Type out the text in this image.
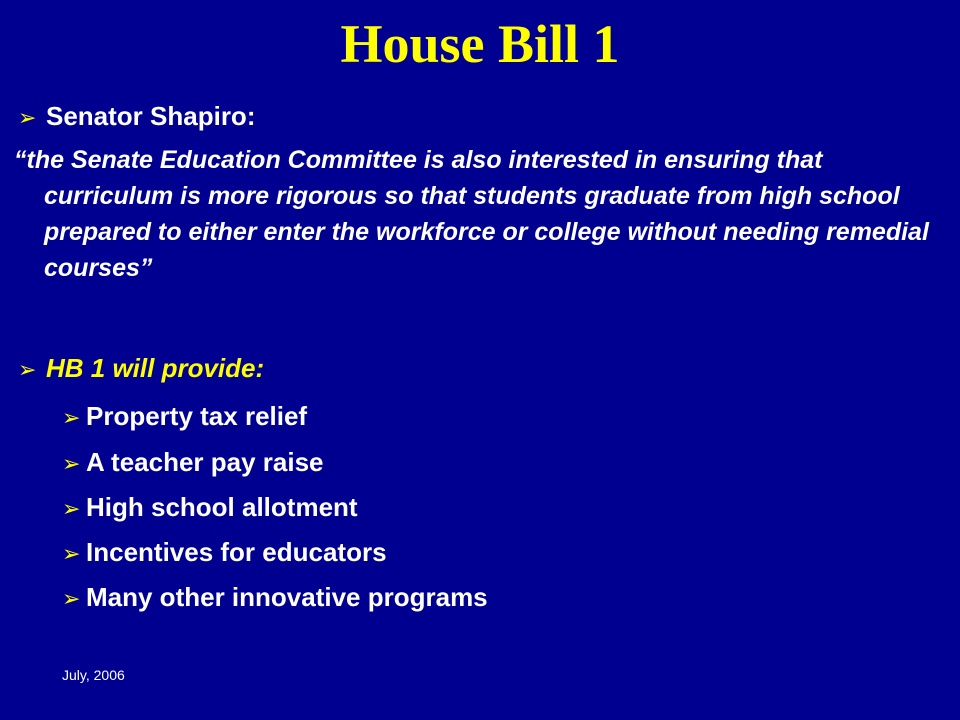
House Bill 1
➢ Senator Shapiro:
“the Senate Education Committee is also interested in ensuring that curriculum is more rigorous so that students graduate from high school prepared to either enter the workforce or college without needing remedial courses”
➢ HB 1 will provide:
➢ Property tax relief
➢ A teacher pay raise
➢ High school allotment
➢ Incentives for educators
➢ Many other innovative programs
July, 2006
